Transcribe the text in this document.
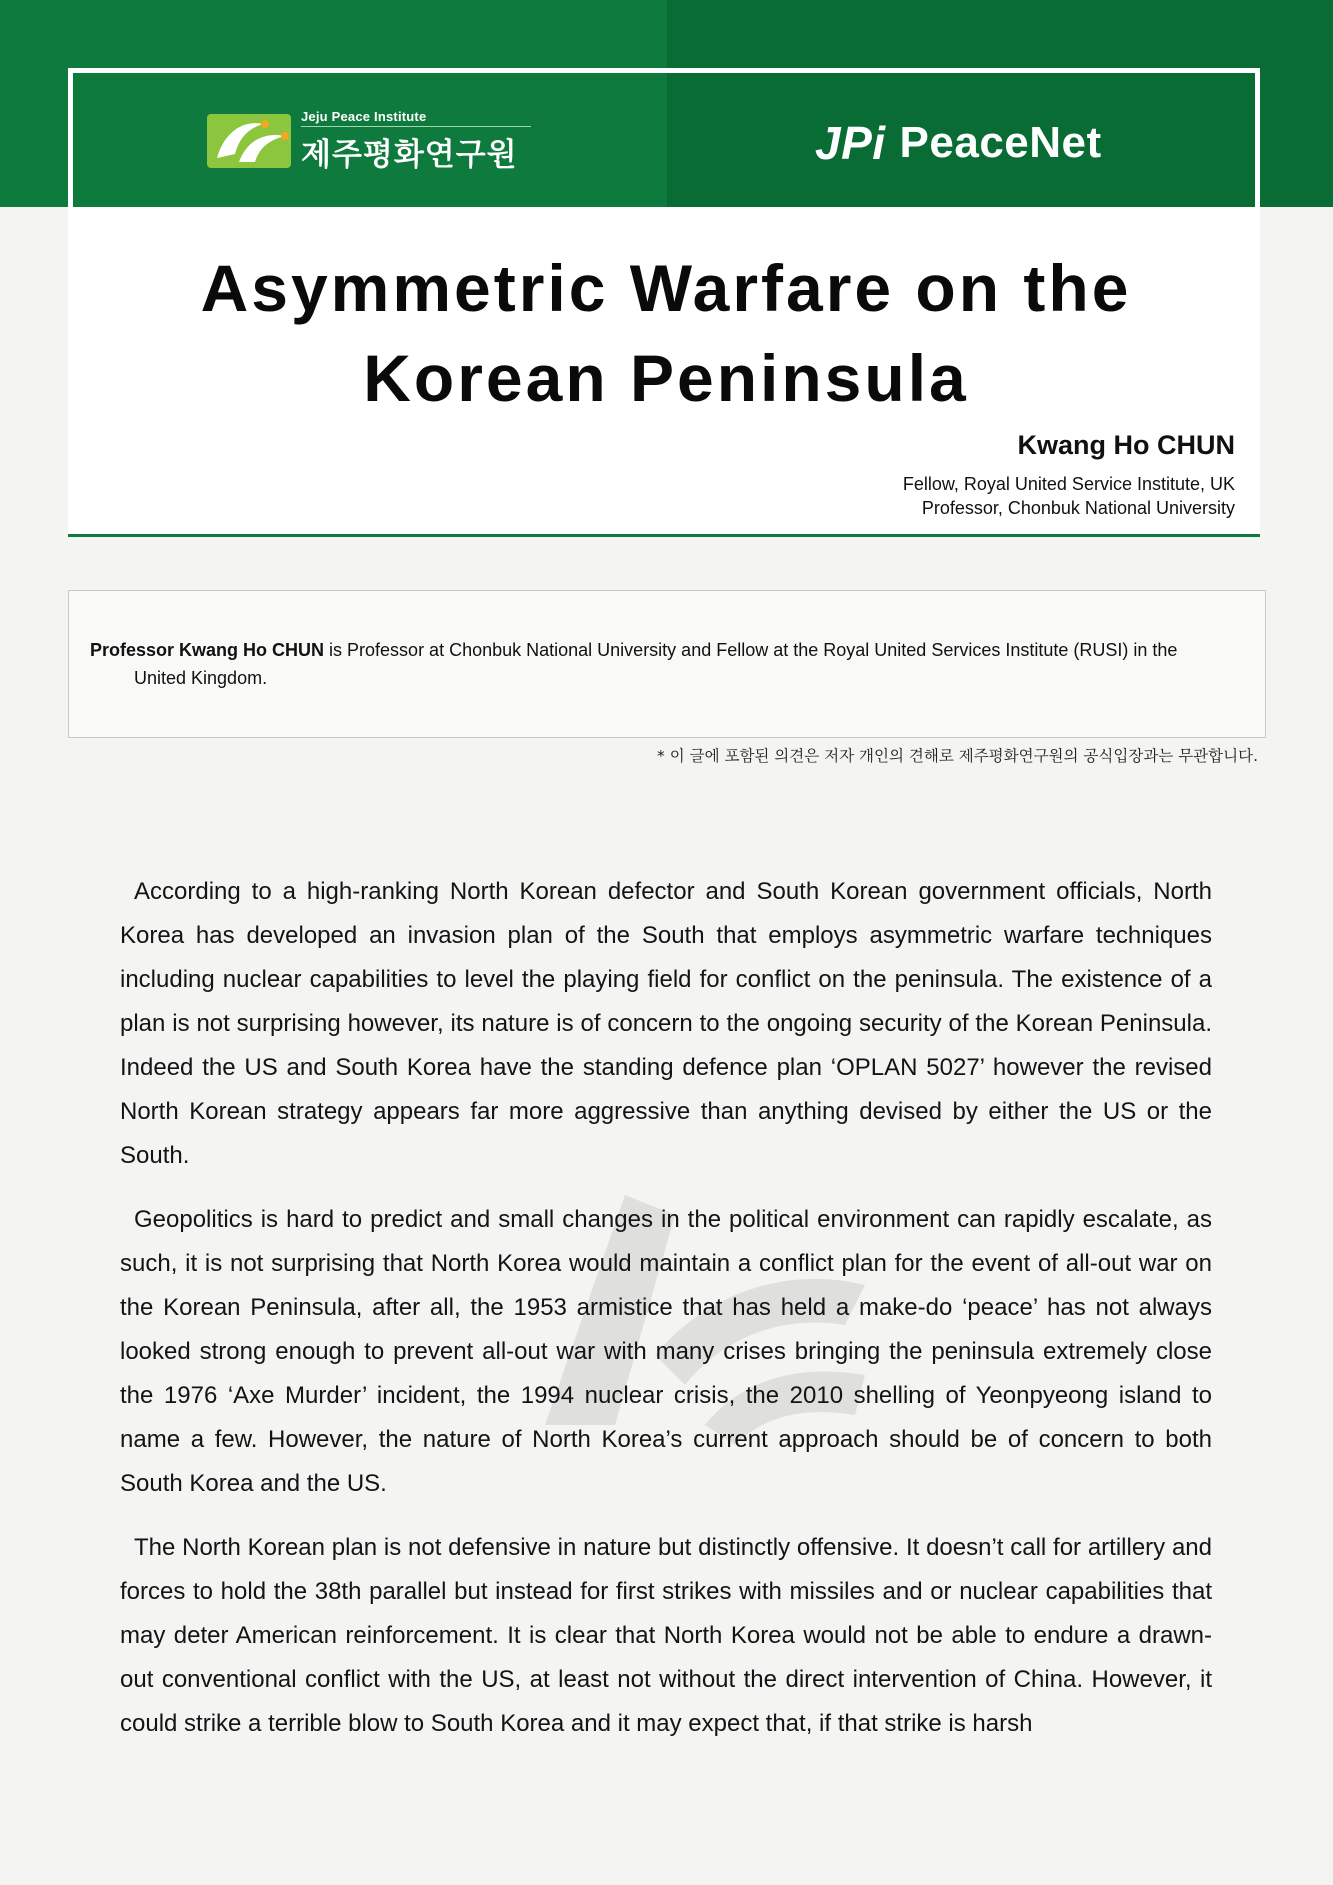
Jeju Peace Institute
제주평화연구원	JPi PeaceNet
Asymmetric Warfare on the
Korean Peninsula
Kwang Ho CHUN
Fellow, Royal United Service Institute, UK
Professor, Chonbuk National University
Professor Kwang Ho CHUN is Professor at Chonbuk National University and Fellow at the Royal United Services Institute (RUSI) in the
United Kingdom.
* 이 글에 포함된 의견은 저자 개인의 견해로 제주평화연구원의 공식입장과는 무관합니다.

According to a high-ranking North Korean defector and South Korean government officials, North Korea has developed an invasion plan of the South that employs asymmetric warfare techniques including nuclear capabilities to level the playing field for conflict on the peninsula. The existence of a plan is not surprising however, its nature is of concern to the ongoing security of the Korean Peninsula. Indeed the US and South Korea have the standing defence plan ‘OPLAN 5027’ however the revised North Korean strategy appears far more aggressive than anything devised by either the US or the South.

Geopolitics is hard to predict and small changes in the political environment can rapidly escalate, as such, it is not surprising that North Korea would maintain a conflict plan for the event of all-out war on the Korean Peninsula, after all, the 1953 armistice that has held a make-do ‘peace’ has not always looked strong enough to prevent all-out war with many crises bringing the peninsula extremely close the 1976 ‘Axe Murder’ incident, the 1994 nuclear crisis, the 2010 shelling of Yeonpyeong island to name a few. However, the nature of North Korea’s current approach should be of concern to both South Korea and the US.

The North Korean plan is not defensive in nature but distinctly offensive. It doesn’t call for artillery and forces to hold the 38th parallel but instead for first strikes with missiles and or nuclear capabilities that may deter American reinforcement. It is clear that North Korea would not be able to endure a drawn-out conventional conflict with the US, at least not without the direct intervention of China. However, it could strike a terrible blow to South Korea and it may expect that, if that strike is harsh
